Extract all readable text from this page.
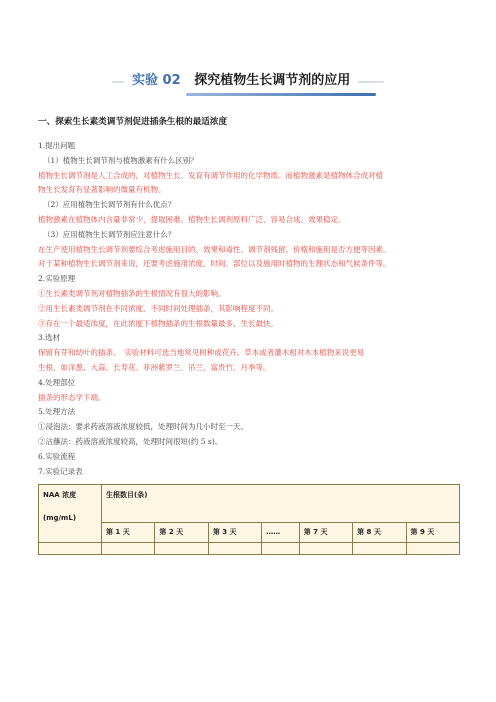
实验 02 探究植物生长调节剂的应用
一、探索生长素类调节剂促进插条生根的最适浓度
1.提出问题
（1）植物生长调节剂与植物激素有什么区别？
植物生长调节剂是人工合成的，对植物生长、发育有调节作用的化学物质。而植物激素是植物体合成对植
物生长发育有显著影响的微量有机物。
（2）应用植物生长调节剂有什么优点？
植物激素在植物体内含量非常少，提取困难。植物生长调剂原料广泛、容易合成、效果稳定。
（3）应用植物生长调节剂应注意什么？
在生产使用植物生长调节剂要综合考虑施用目的、效果和毒性、调节剂残留、价格和施用是否方便等因素。
对于某种植物生长调节剂来说，还要考虑施用浓度、时间、部位以及施用时植物的生理状态和气候条件等。
2.实验原理
①生长素类调节剂对植物插条的生根情况有很大的影响。
②用生长素类调节剂在不同浓度、不同时间处理插条，其影响程度不同。
③存在一个最适浓度，在此浓度下植物插条的生根数量最多，生长最快。
3.选材
保留有芽和幼叶的插条。　实验材料可选当地常见树种或花卉。草本或者灌木相对木本植物来说更易
生根，如洋葱、大蒜、长寿花、菲洲紫罗兰、吊兰、富贵竹、月季等。
4.处理部位
插条的形态学下端。
5.处理方法
①浸泡法：要求药液溶液浓度较低，处理时间为几小时至一天。
②沾蘸法：药液溶液浓度较高，处理时间很短(约 5 s)。
6.实验流程
7.实验记录表
NAA 浓度
(mg/mL)	生根数目(条)						
	第 1 天	第 2 天	第 3 天	……	第 7 天	第 8 天	第 9 天
